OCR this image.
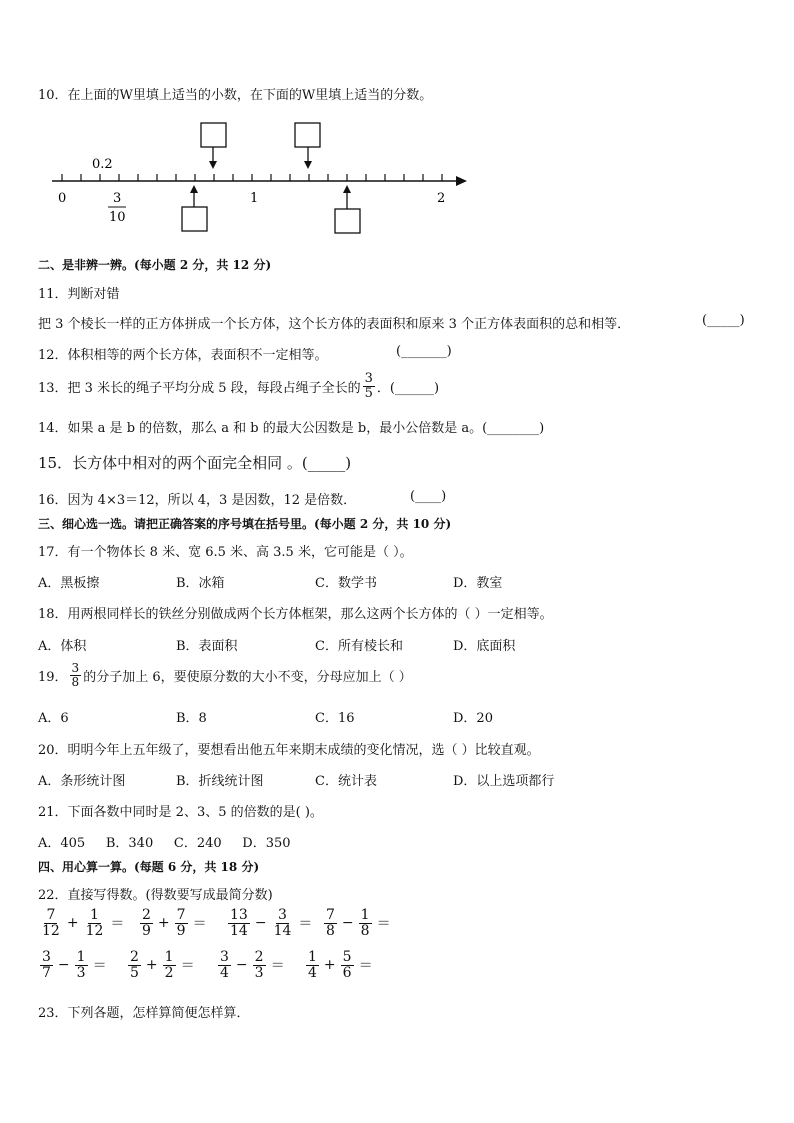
10．在上面的W里填上适当的小数，在下面的W里填上适当的分数。
0	1	2
0.2
3
10
二、是非辨一辨。(每小题 2 分，共 12 分)
11．判断对错
把 3 个棱长一样的正方体拼成一个长方体，这个长方体的表面积和原来 3 个正方体表面积的总和相等．	(_____)
12．体积相等的两个长方体，表面积不一定相等。	(_______)
13．把 3 米长的绳子平均分成 5 段，每段占绳子全长的 $\frac{3}{5}$ ．(______)
14．如果 a 是 b 的倍数，那么 a 和 b 的最大公因数是 b，最小公倍数是 a。(________)
15．长方体中相对的两个面完全相同 。(_____)
16．因为 4×3＝12，所以 4，3 是因数，12 是倍数．	(____)
三、细心选一选。请把正确答案的序号填在括号里。(每小题 2 分，共 10 分)
17．有一个物体长 8 米、宽 6.5 米、高 3.5 米，它可能是（ ）。
A．黑板擦	B．冰箱	C．数学书	D．教室
18．用两根同样长的铁丝分别做成两个长方体框架，那么这两个长方体的（ ）一定相等。
A．体积	B．表面积	C．所有棱长和	D．底面积
19． $\frac{3}{8}$ 的分子加上 6，要使原分数的大小不变，分母应加上（ ）
A．6	B．8	C．16	D．20
20．明明今年上五年级了，要想看出他五年来期末成绩的变化情况，选（ ）比较直观。
A．条形统计图	B．折线统计图	C．统计表	D．以上选项都行
21．下面各数中同时是 2、3、5 的倍数的是( )。
A．405     B．340     C．240     D．350
四、用心算一算。(每题 6 分，共 18 分)
22．直接写得数。(得数要写成最简分数)
$\frac{7}{12} + \frac{1}{12} = \frac{2}{9} + \frac{7}{9} = \frac{13}{14} - \frac{3}{14} = \frac{7}{8} - \frac{1}{8}$ ＝
$\frac{3}{7} - \frac{1}{3} = \frac{2}{5} + \frac{1}{2} = \frac{3}{4} - \frac{2}{3} = \frac{1}{4} + \frac{5}{6}$ ＝
23．下列各题，怎样算简便怎样算．
